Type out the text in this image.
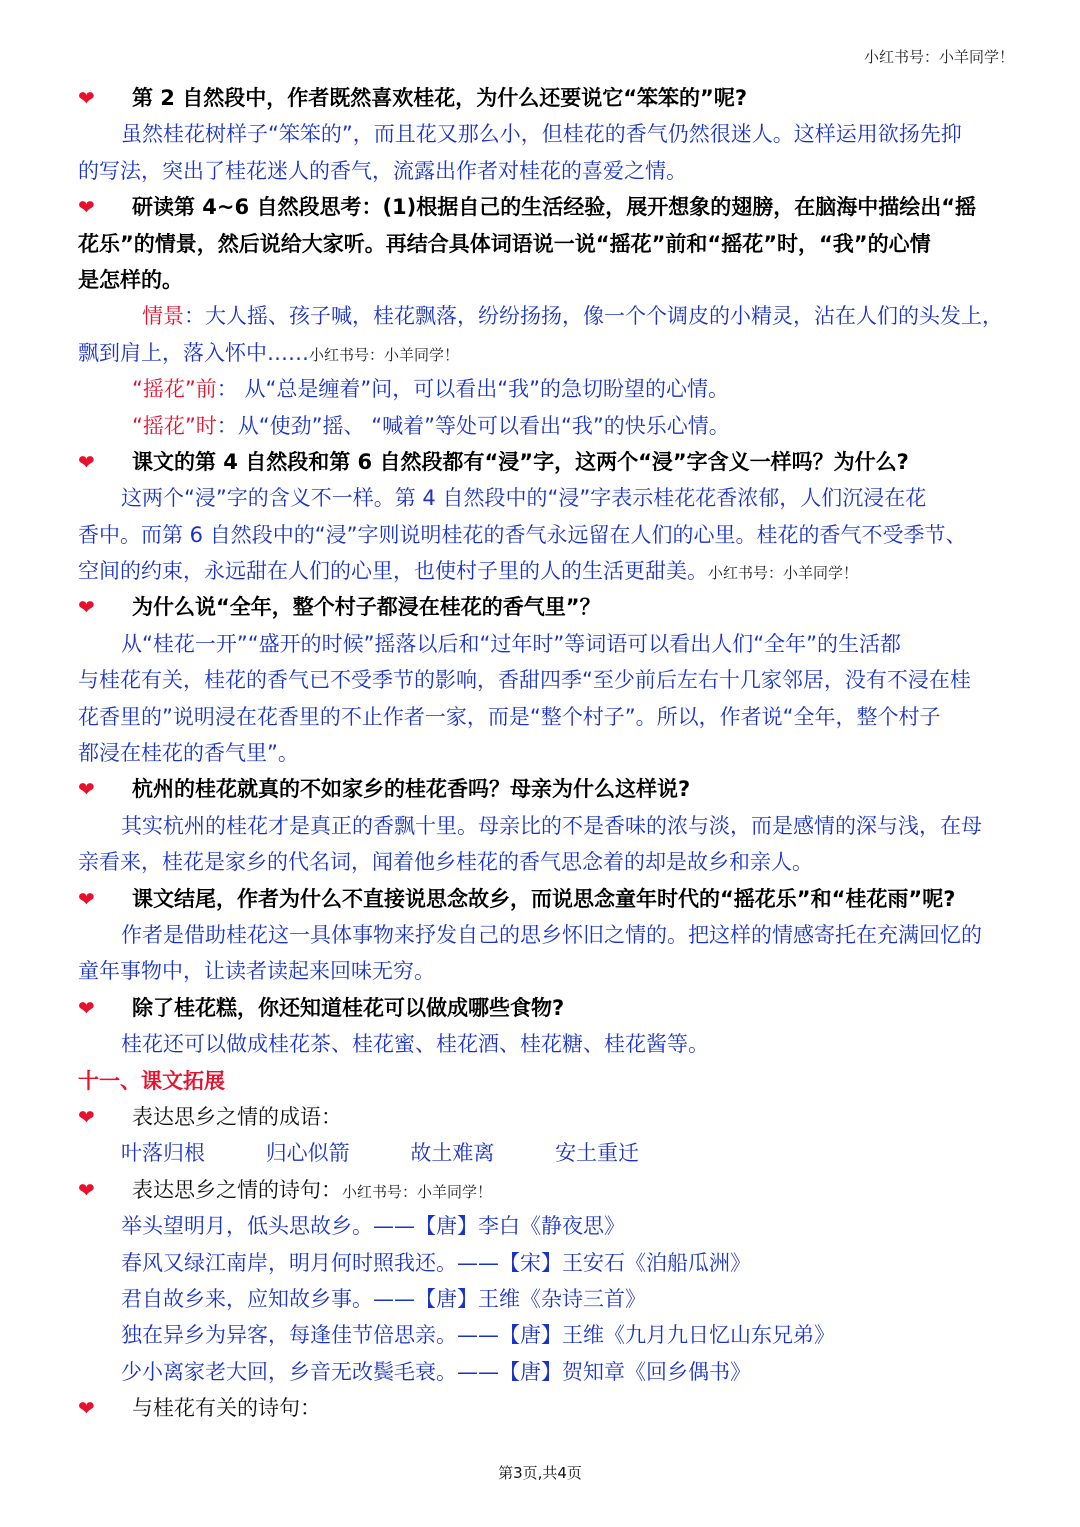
小红书号：小羊同学！
❤ 第 2 自然段中，作者既然喜欢桂花，为什么还要说它“笨笨的”呢?
虽然桂花树样子“笨笨的”，而且花又那么小，但桂花的香气仍然很迷人。这样运用欲扬先抑
的写法，突出了桂花迷人的香气，流露出作者对桂花的喜爱之情。
❤ 研读第 4~6 自然段思考：(1)根据自己的生活经验，展开想象的翅膀，在脑海中描绘出“摇
花乐”的情景，然后说给大家听。再结合具体词语说一说“摇花”前和“摇花”时，“我”的心情
是怎样的。
情景：大人摇、孩子喊，桂花飘落，纷纷扬扬，像一个个调皮的小精灵，沾在人们的头发上，
飘到肩上，落入怀中……小红书号：小羊同学！
“摇花”前： 从“总是缠着”问，可以看出“我”的急切盼望的心情。
“摇花”时：从“使劲”摇、 “喊着”等处可以看出“我”的快乐心情。
❤ 课文的第 4 自然段和第 6 自然段都有“浸”字，这两个“浸”字含义一样吗？为什么?
这两个“浸”字的含义不一样。第 4 自然段中的“浸”字表示桂花花香浓郁，人们沉浸在花
香中。而第 6 自然段中的“浸”字则说明桂花的香气永远留在人们的心里。桂花的香气不受季节、
空间的约束，永远甜在人们的心里，也使村子里的人的生活更甜美。小红书号：小羊同学！
❤ 为什么说“全年，整个村子都浸在桂花的香气里”？
从“桂花一开”“盛开的时候”摇落以后和“过年时”等词语可以看出人们“全年”的生活都
与桂花有关，桂花的香气已不受季节的影响，香甜四季“至少前后左右十几家邻居，没有不浸在桂
花香里的”说明浸在花香里的不止作者一家，而是“整个村子”。所以，作者说“全年，整个村子
都浸在桂花的香气里”。
❤ 杭州的桂花就真的不如家乡的桂花香吗？母亲为什么这样说?
其实杭州的桂花才是真正的香飘十里。母亲比的不是香味的浓与淡，而是感情的深与浅，在母
亲看来，桂花是家乡的代名词，闻着他乡桂花的香气思念着的却是故乡和亲人。
❤ 课文结尾，作者为什么不直接说思念故乡，而说思念童年时代的“摇花乐”和“桂花雨”呢?
作者是借助桂花这一具体事物来抒发自己的思乡怀旧之情的。把这样的情感寄托在充满回忆的
童年事物中，让读者读起来回味无穷。
❤ 除了桂花糕，你还知道桂花可以做成哪些食物?
桂花还可以做成桂花茶、桂花蜜、桂花酒、桂花糖、桂花酱等。
十一、课文拓展
❤ 表达思乡之情的成语：
叶落归根	归心似箭	故土难离	安土重迁
❤ 表达思乡之情的诗句：小红书号：小羊同学！
举头望明月，低头思故乡。——【唐】李白《静夜思》
春风又绿江南岸，明月何时照我还。——【宋】王安石《泊船瓜洲》
君自故乡来，应知故乡事。——【唐】王维《杂诗三首》
独在异乡为异客，每逢佳节倍思亲。——【唐】王维《九月九日忆山东兄弟》
少小离家老大回，乡音无改鬓毛衰。——【唐】贺知章《回乡偶书》
❤ 与桂花有关的诗句：
第3页,共4页
